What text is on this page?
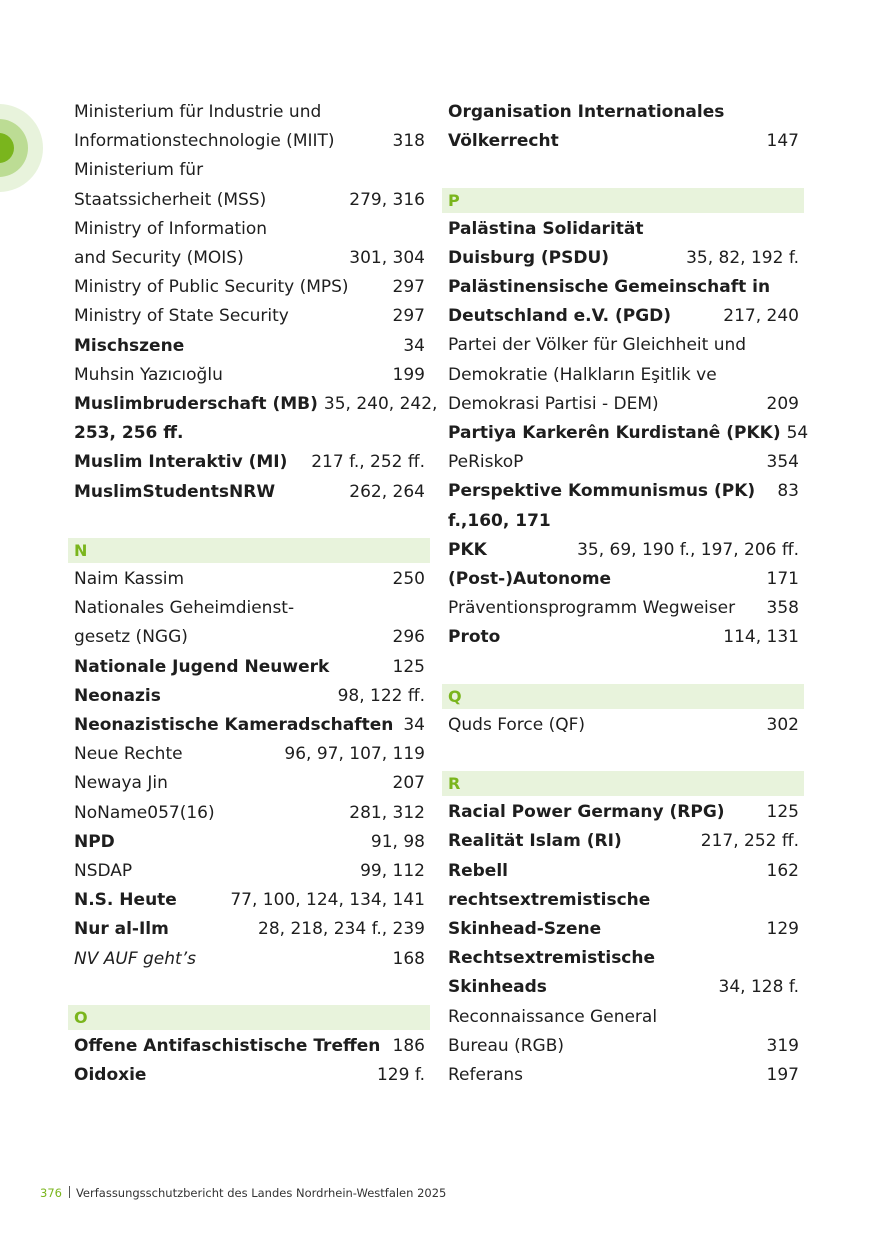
Ministerium für Industrie und
Informationstechnologie (MIIT)	318
Ministerium für
Staatssicherheit (MSS)	279, 316
Ministry of Information
and Security (MOIS)	301, 304
Ministry of Public Security (MPS)	297
Ministry of State Security	297
Mischszene	34
Muhsin Yazıcıoğlu	199
Muslimbruderschaft (MB) 35, 240, 242,
253, 256 ff.
Muslim Interaktiv (MI)	217 f., 252 ff.
MuslimStudentsNRW	262, 264
N
Naim Kassim	250
Nationales Geheimdienst-
gesetz (NGG)	296
Nationale Jugend Neuwerk	125
Neonazis	98, 122 ff.
Neonazistische Kameradschaften 34
Neue Rechte	96, 97, 107, 119
Newaya Jin	207
NoName057(16)	281, 312
NPD	91, 98
NSDAP	99, 112
N.S. Heute	77, 100, 124, 134, 141
Nur al-Ilm	28, 218, 234 f., 239
NV AUF geht’s	168
O
Offene Antifaschistische Treffen 186
Oidoxie	129 f.
Organisation Internationales
Völkerrecht	147
P
Palästina Solidarität
Duisburg (PSDU)	35, 82, 192 f.
Palästinensische Gemeinschaft in
Deutschland e.V. (PGD)	217, 240
Partei der Völker für Gleichheit und
Demokratie (Halkların Eşitlik ve
Demokrasi Partisi - DEM)	209
Partiya Karkerên Kurdistanê (PKK) 54
PeRiskoP	354
Perspektive Kommunismus (PK)	83
f.,160, 171
PKK	35, 69, 190 f., 197, 206 ff.
(Post-)Autonome	171
Präventionsprogramm Wegweiser	358
Proto	114, 131
Q
Quds Force (QF)	302
R
Racial Power Germany (RPG)	125
Realität Islam (RI)	217, 252 ff.
Rebell	162
rechtsextremistische
Skinhead-Szene	129
Rechtsextremistische
Skinheads	34, 128 f.
Reconnaissance General
Bureau (RGB)	319
Referans	197
376 Verfassungsschutzbericht des Landes Nordrhein-Westfalen 2025
